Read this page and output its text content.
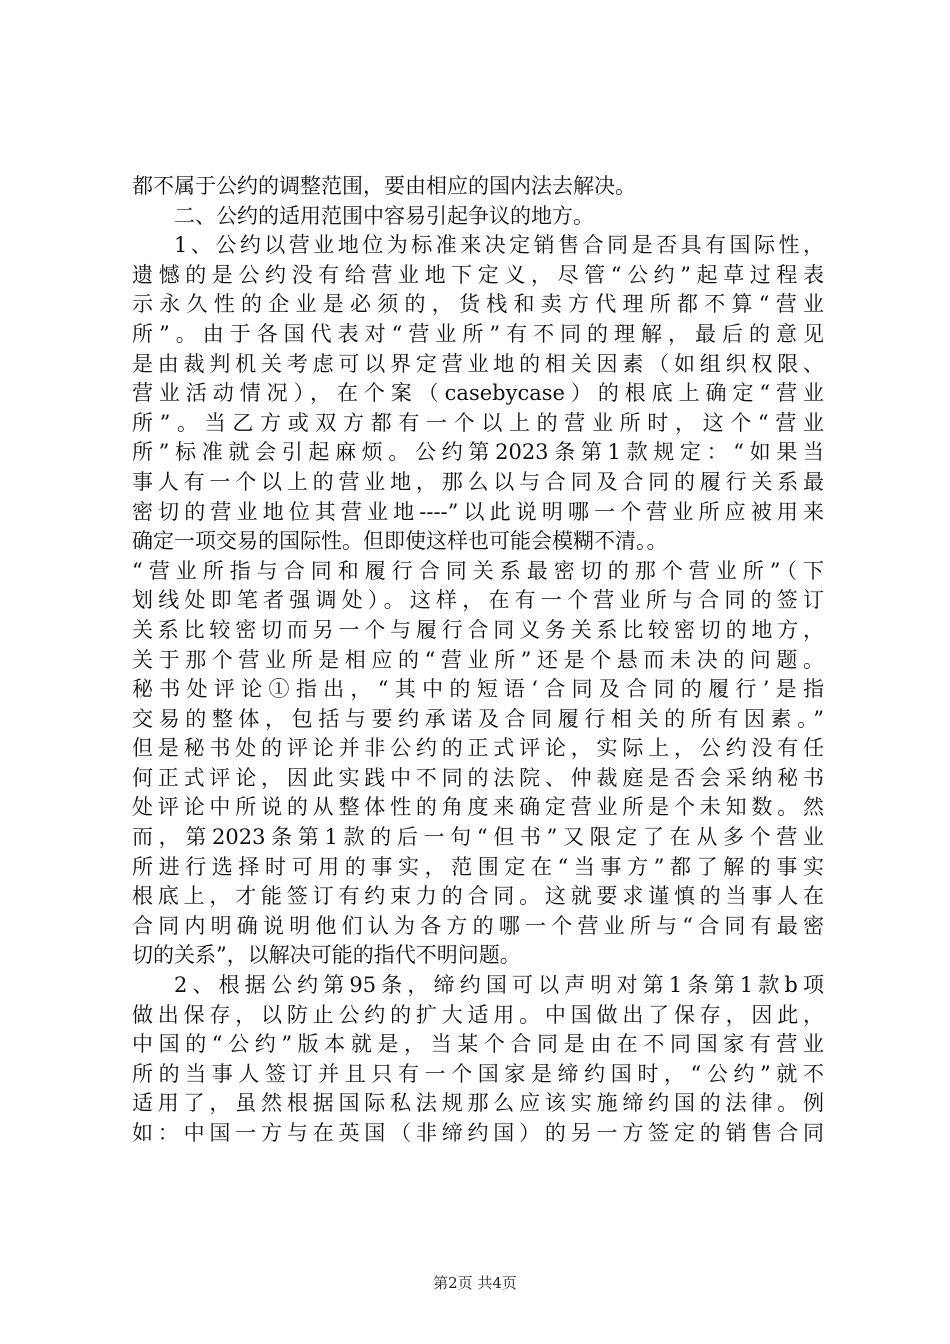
都不属于公约的调整范围，要由相应的国内法去解决。
二、公约的适用范围中容易引起争议的地方。
1、公约以营业地位为标准来决定销售合同是否具有国际性，
遗憾的是公约没有给营业地下定义，尽管“公约”起草过程表
示永久性的企业是必须的，货栈和卖方代理所都不算“营业
所”。由于各国代表对“营业所”有不同的理解，最后的意见
是由裁判机关考虑可以界定营业地的相关因素（如组织权限、
营业活动情况），在个案（casebycase）的根底上确定“营业
所”。当乙方或双方都有一个以上的营业所时，这个“营业
所”标准就会引起麻烦。公约第2023条第1款规定：“如果当
事人有一个以上的营业地，那么以与合同及合同的履行关系最
密切的营业地位其营业地----”以此说明哪一个营业所应被用来
确定一项交易的国际性。但即使这样也可能会模糊不清。。
“营业所指与合同和履行合同关系最密切的那个营业所”（下
划线处即笔者强调处）。这样，在有一个营业所与合同的签订
关系比较密切而另一个与履行合同义务关系比较密切的地方，
关于那个营业所是相应的“营业所”还是个悬而未决的问题。
秘书处评论①指出，“其中的短语‘合同及合同的履行’是指
交易的整体，包括与要约承诺及合同履行相关的所有因素。”
但是秘书处的评论并非公约的正式评论，实际上，公约没有任
何正式评论，因此实践中不同的法院、仲裁庭是否会采纳秘书
处评论中所说的从整体性的角度来确定营业所是个未知数。然
而，第2023条第1款的后一句“但书”又限定了在从多个营业
所进行选择时可用的事实，范围定在“当事方”都了解的事实
根底上，才能签订有约束力的合同。这就要求谨慎的当事人在
合同内明确说明他们认为各方的哪一个营业所与“合同有最密
切的关系”，以解决可能的指代不明问题。
2、根据公约第95条，缔约国可以声明对第1条第1款b项
做出保存，以防止公约的扩大适用。中国做出了保存，因此，
中国的“公约”版本就是，当某个合同是由在不同国家有营业
所的当事人签订并且只有一个国家是缔约国时，“公约”就不
适用了，虽然根据国际私法规那么应该实施缔约国的法律。例
如：中国一方与在英国（非缔约国）的另一方签定的销售合同
第2页 共4页
